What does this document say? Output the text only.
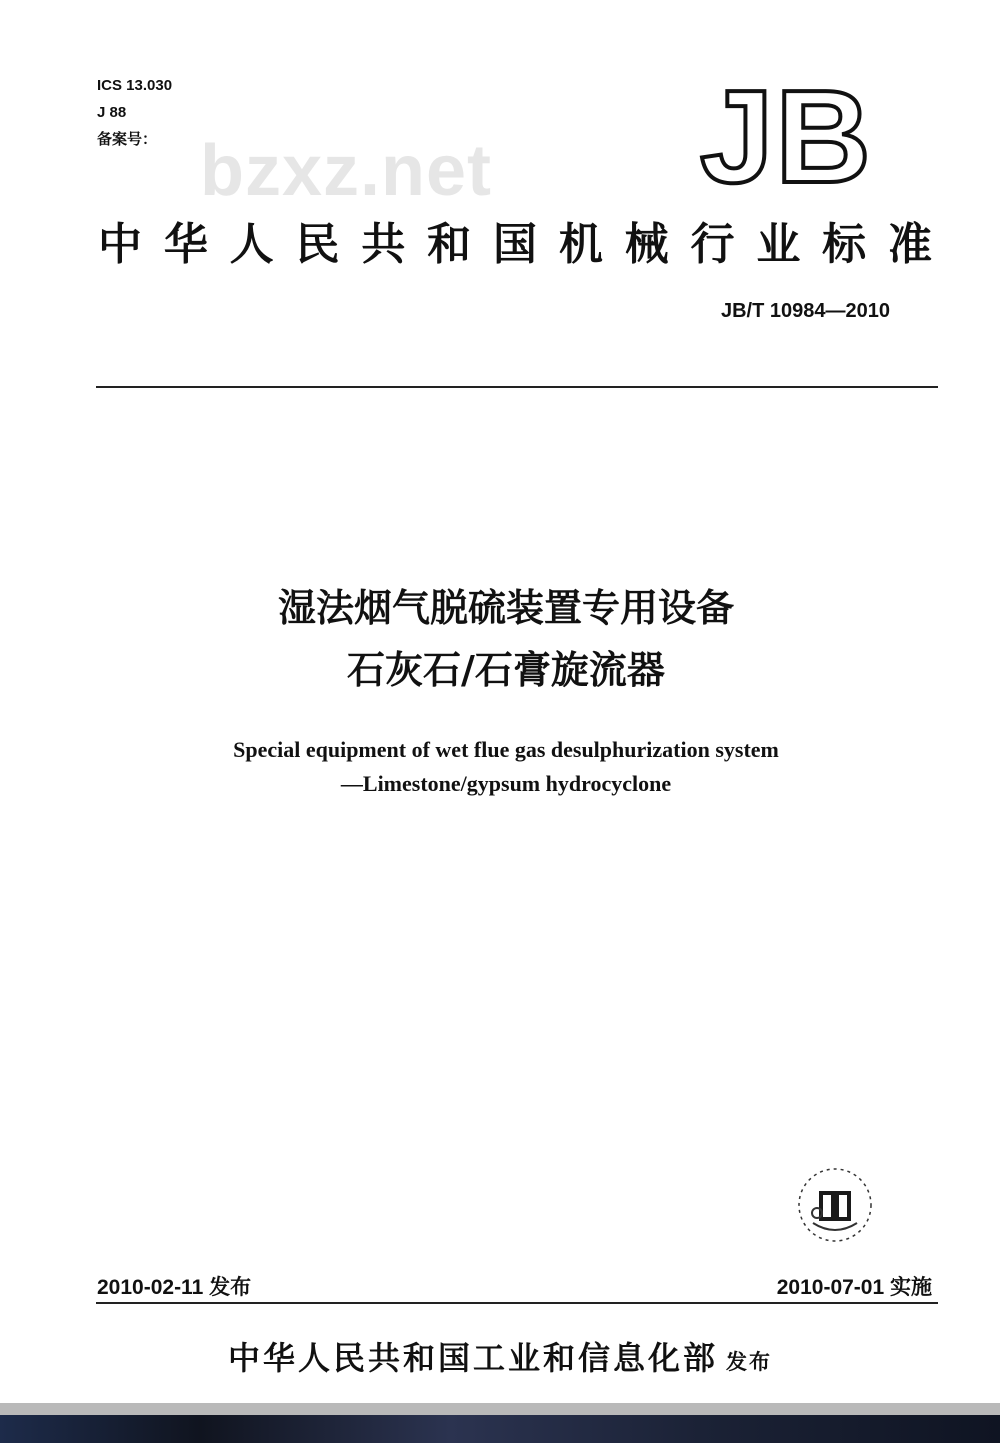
ICS 13.030
J 88
备案号： bzxz.net JB
中华人民共和国机械行业标准
JB/T 10984—2010
湿法烟气脱硫装置专用设备
石灰石/石膏旋流器
Special equipment of wet flue gas desulphurization system
—Limestone/gypsum hydrocyclone
2010-02-11 发布	2010-07-01 实施
中华人民共和国工业和信息化部 发布
